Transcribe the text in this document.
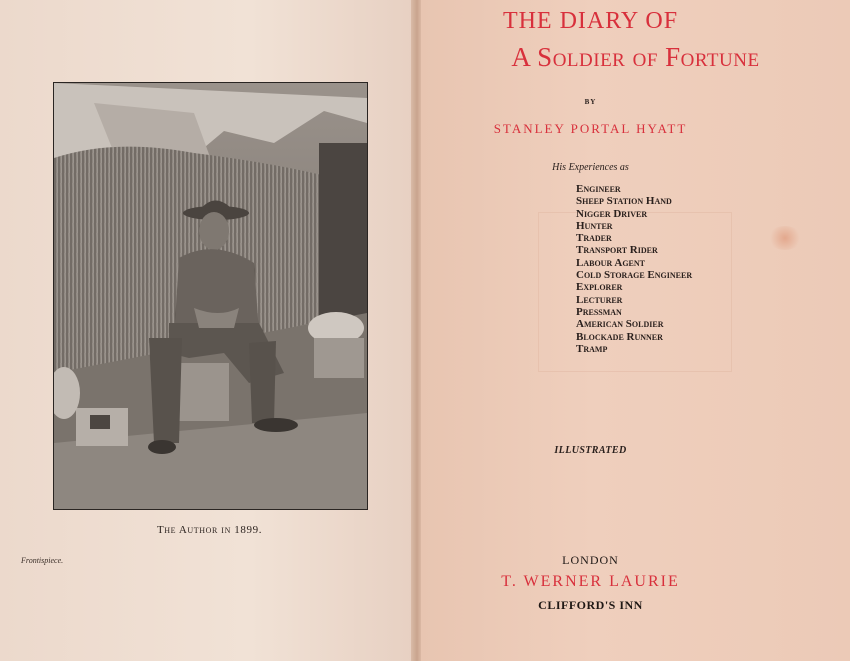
The Author in 1899.
Frontispiece.
THE DIARY OF
A Soldier of Fortune
BY
STANLEY PORTAL HYATT
His Experiences as
Engineer
Sheep Station Hand
Nigger Driver
Hunter
Trader
Transport Rider
Labour Agent
Cold Storage Engineer
Explorer
Lecturer
Pressman
American Soldier
Blockade Runner
Tramp
ILLUSTRATED
LONDON
T. WERNER LAURIE
CLIFFORD'S INN
